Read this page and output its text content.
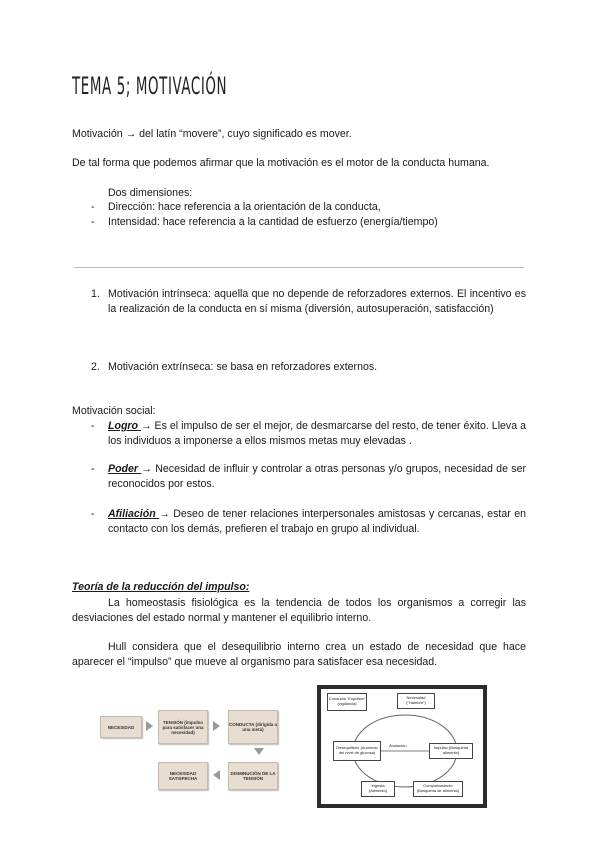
TEMA 5; MOTIVACIÓN
Motivación → del latín “movere”, cuyo significado es mover.
De tal forma que podemos afirmar que la motivación es el motor de la conducta humana.
Dos dimensiones:
- Dirección: hace referencia a la orientación de la conducta,
- Intensidad: hace referencia a la cantidad de esfuerzo (energía/tiempo)
1. Motivación intrínseca: aquella que no depende de reforzadores externos. El incentivo es la realización de la conducta en sí misma (diversión, autosuperación, satisfacción)
2. Motivación extrínseca: se basa en reforzadores externos.
Motivación social:
- Logro → Es el impulso de ser el mejor, de desmarcarse del resto, de tener éxito. Lleva a los individuos a imponerse a ellos mismos metas muy elevadas .
- Poder → Necesidad de influir y controlar a otras personas y/o grupos, necesidad de ser reconocidos por estos.
- Afiliación → Deseo de tener relaciones interpersonales amistosas y cercanas, estar en contacto con los demás, prefieren el trabajo en grupo al individual.
Teoría de la reducción del impulso:
La homeostasis fisiológica es la tendencia de todos los organismos a corregir las desviaciones del estado normal y mantener el equilibrio interno.
Hull considera que el desequilibrio interno crea un estado de necesidad que hace aparecer el “impulso” que mueve al organismo para satisfacer esa necesidad.
NECESIDAD
TENSIÓN (impulso para satisfacer una necesidad)
CONDUCTA (dirigida a una meta)
DISMINUCIÓN DE LA TENSIÓN
NECESIDAD SATISFECHA
Conducta “Expulsar” (vigilancia)
Necesidad (“Hambre”)
Desequilibrio (Aumento del nivel de glucosa)
Anulación	Impulso (Búsqueda alimento)
Ingesta (Alimento)
Comportamiento (Búsqueda de alimento)
